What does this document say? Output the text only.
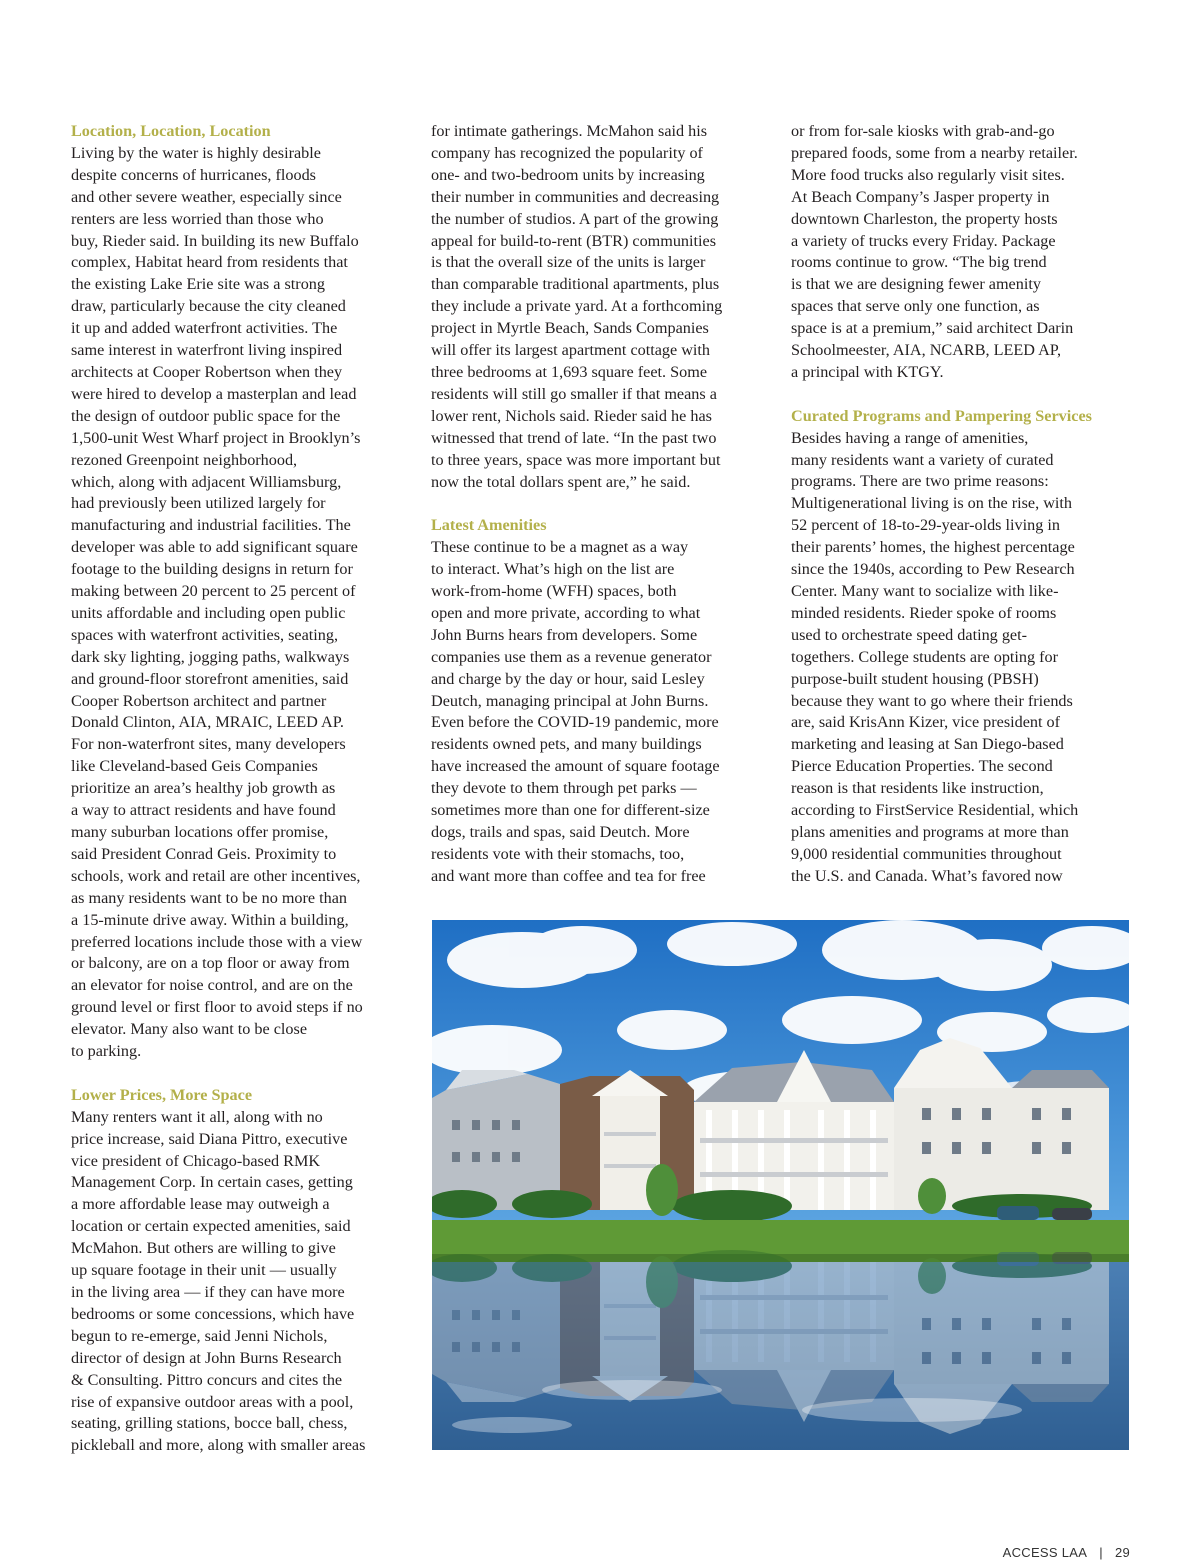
Location, Location, Location
Living by the water is highly desirable
despite concerns of hurricanes, floods
and other severe weather, especially since
renters are less worried than those who
buy, Rieder said. In building its new Buffalo
complex, Habitat heard from residents that
the existing Lake Erie site was a strong
draw, particularly because the city cleaned
it up and added waterfront activities. The
same interest in waterfront living inspired
architects at Cooper Robertson when they
were hired to develop a masterplan and lead
the design of outdoor public space for the
1,500-unit West Wharf project in Brooklyn’s
rezoned Greenpoint neighborhood,
which, along with adjacent Williamsburg,
had previously been utilized largely for
manufacturing and industrial facilities. The
developer was able to add significant square
footage to the building designs in return for
making between 20 percent to 25 percent of
units affordable and including open public
spaces with waterfront activities, seating,
dark sky lighting, jogging paths, walkways
and ground-floor storefront amenities, said
Cooper Robertson architect and partner
Donald Clinton, AIA, MRAIC, LEED AP.
For non-waterfront sites, many developers
like Cleveland-based Geis Companies
prioritize an area’s healthy job growth as
a way to attract residents and have found
many suburban locations offer promise,
said President Conrad Geis. Proximity to
schools, work and retail are other incentives,
as many residents want to be no more than
a 15-minute drive away. Within a building,
preferred locations include those with a view
or balcony, are on a top floor or away from
an elevator for noise control, and are on the
ground level or first floor to avoid steps if no
elevator. Many also want to be close
to parking.
Lower Prices, More Space
Many renters want it all, along with no
price increase, said Diana Pittro, executive
vice president of Chicago-based RMK
Management Corp. In certain cases, getting
a more affordable lease may outweigh a
location or certain expected amenities, said
McMahon. But others are willing to give
up square footage in their unit — usually
in the living area — if they can have more
bedrooms or some concessions, which have
begun to re-emerge, said Jenni Nichols,
director of design at John Burns Research
& Consulting. Pittro concurs and cites the
rise of expansive outdoor areas with a pool,
seating, grilling stations, bocce ball, chess,
pickleball and more, along with smaller areas
for intimate gatherings. McMahon said his
company has recognized the popularity of
one- and two-bedroom units by increasing
their number in communities and decreasing
the number of studios. A part of the growing
appeal for build-to-rent (BTR) communities
is that the overall size of the units is larger
than comparable traditional apartments, plus
they include a private yard. At a forthcoming
project in Myrtle Beach, Sands Companies
will offer its largest apartment cottage with
three bedrooms at 1,693 square feet. Some
residents will still go smaller if that means a
lower rent, Nichols said. Rieder said he has
witnessed that trend of late. “In the past two
to three years, space was more important but
now the total dollars spent are,” he said.
Latest Amenities
These continue to be a magnet as a way
to interact. What’s high on the list are
work-from-home (WFH) spaces, both
open and more private, according to what
John Burns hears from developers. Some
companies use them as a revenue generator
and charge by the day or hour, said Lesley
Deutch, managing principal at John Burns.
Even before the COVID-19 pandemic, more
residents owned pets, and many buildings
have increased the amount of square footage
they devote to them through pet parks —
sometimes more than one for different-size
dogs, trails and spas, said Deutch. More
residents vote with their stomachs, too,
and want more than coffee and tea for free
or from for-sale kiosks with grab-and-go
prepared foods, some from a nearby retailer.
More food trucks also regularly visit sites.
At Beach Company’s Jasper property in
downtown Charleston, the property hosts
a variety of trucks every Friday. Package
rooms continue to grow. “The big trend
is that we are designing fewer amenity
spaces that serve only one function, as
space is at a premium,” said architect Darin
Schoolmeester, AIA, NCARB, LEED AP,
a principal with KTGY.
Curated Programs and Pampering Services
Besides having a range of amenities,
many residents want a variety of curated
programs. There are two prime reasons:
Multigenerational living is on the rise, with
52 percent of 18-to-29-year-olds living in
their parents’ homes, the highest percentage
since the 1940s, according to Pew Research
Center. Many want to socialize with like-
minded residents. Rieder spoke of rooms
used to orchestrate speed dating get-
togethers. College students are opting for
purpose-built student housing (PBSH)
because they want to go where their friends
are, said KrisAnn Kizer, vice president of
marketing and leasing at San Diego-based
Pierce Education Properties. The second
reason is that residents like instruction,
according to FirstService Residential, which
plans amenities and programs at more than
9,000 residential communities throughout
the U.S. and Canada. What’s favored now
ACCESS LAA | 29
